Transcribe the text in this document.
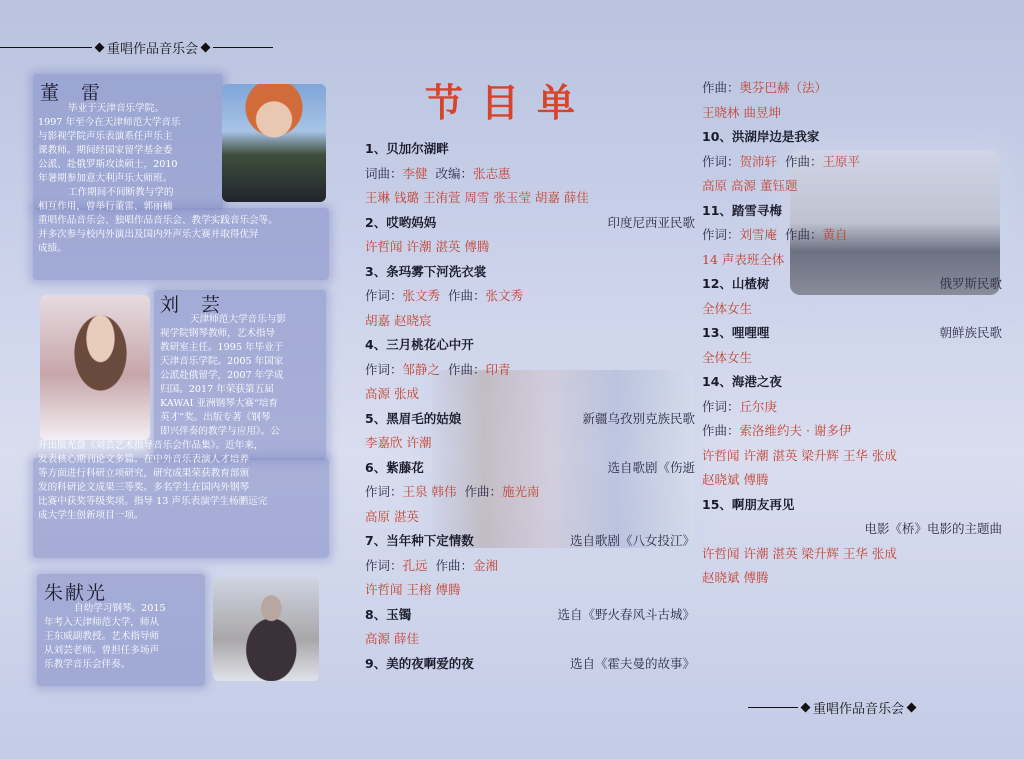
重唱作品音乐会
重唱作品音乐会
董 雷
毕业于天津音乐学院。
1997 年至今在天津师范大学音乐
与影视学院声乐表演系任声乐主
课教师。期间经国家留学基金委
公派、赴俄罗斯攻读硕士，2010
年暑期参加意大利声乐大师班。
工作期间不间断教与学的
相互作用，曾举行董雷、郭丽楠
重唱作品音乐会、独唱作品音乐会、教学实践音乐会等。
并多次参与校内外演出及国内外声乐大赛并取得优异
成绩。
刘 芸
天津师范大学音乐与影
视学院钢琴教师，艺术指导
教研室主任。1995 年毕业于
天津音乐学院。2005 年国家
公派赴俄留学，2007 年学成
归国。2017 年荣获第五届
KAWAI 亚洲钢琴大赛“培育
英才”奖。出版专著《钢琴
即兴伴奏的教学与应用》。公
开出版光盘《刘芸艺术指导音乐会作品集》。近年来，
发表核心期刊论文多篇。在中外音乐表演人才培养
等方面进行科研立项研究，研究成果荣获教育部颁
发的科研论文成果三等奖。多名学生在国内外钢琴
比赛中获奖等级奖项。指导 13 声乐表演学生杨鹏远完
成大学生创新项目一项。
朱献光
自幼学习钢琴。2015
年考入天津师范大学，师从
王东威副教授。艺术指导师
从刘芸老师。曾担任多场声
乐教学音乐会伴奏。
节目单
1、贝加尔湖畔
词曲：李健 改编：张志惠
王琳 钱璐 王洧萱 周雪 张玉莹 胡嘉 薛佳
2、哎哟妈妈	印度尼西亚民歌
许哲闻 许潮 湛英 傅腾
3、条玛雾下河洗衣裳
作词：张文秀 作曲：张文秀
胡嘉 赵晓宸
4、三月桃花心中开
作词：邹静之 作曲：印青
高源 张成
5、黑眉毛的姑娘	新疆乌孜别克族民歌
李嘉欣 许潮
6、紫藤花	选自歌剧《伤逝
作词：王泉 韩伟 作曲：施光南
高原 湛英
7、当年种下定情数	选自歌剧《八女投江》
作词：孔远 作曲：金湘
许哲闻 王榕 傅腾
8、玉镯	选自《野火春风斗古城》
高源 薛佳
9、美的夜啊爱的夜	选自《霍夫曼的故事》
作曲：奥芬巴赫（法）
王晓林 曲昱坤
10、洪湖岸边是我家
作词：贺沛轩 作曲：王原平
高原 高源 董钰题
11、踏雪寻梅
作词：刘雪庵 作曲：黄自
14 声表班全体
12、山楂树	俄罗斯民歌
全体女生
13、哩哩哩	朝鲜族民歌
全体女生
14、海港之夜
作词：丘尔庚
作曲：索洛维约夫 · 谢多伊
许哲闻 许潮 湛英 梁升辉 王华 张成
赵晓斌 傅腾
15、啊朋友再见
电影《桥》电影的主题曲
许哲闻 许潮 湛英 梁升辉 王华 张成
赵晓斌 傅腾
